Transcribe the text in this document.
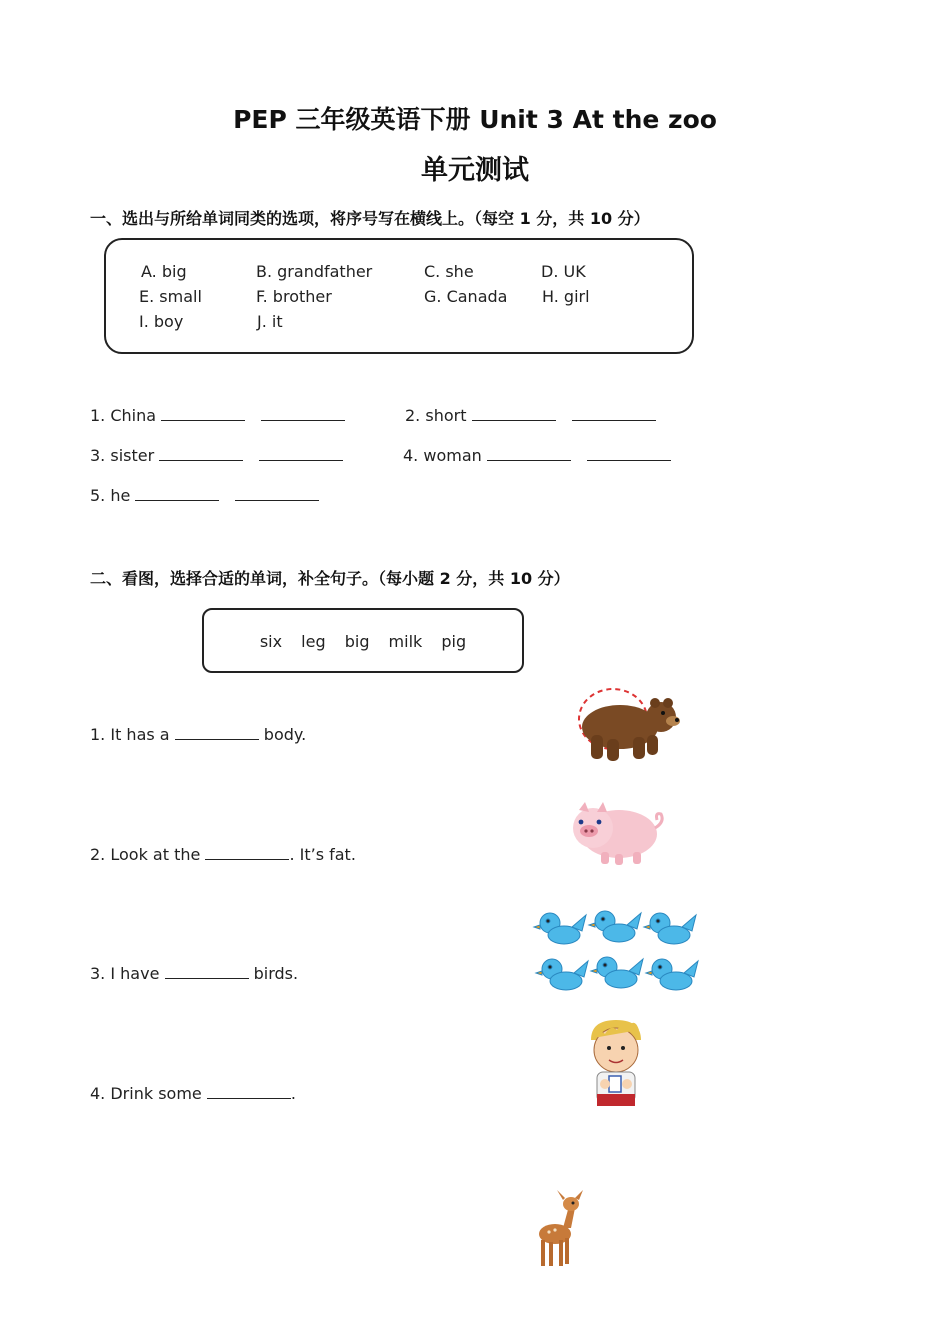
PEP 三年级英语下册 Unit 3 At the zoo
单元测试
一、选出与所给单词同类的选项，将序号写在横线上。（每空 1 分，共 10 分）
A. big	B. grandfather	C. she	D. UK
E. small	F. brother	G. Canada H. girl
I. boy	J. it
1. China	2. short
3. sister	4. woman
5. he
二、看图，选择合适的单词，补全句子。（每小题 2 分，共 10 分）
six leg big milk pig
1. It has a	body.
2. Look at the	. It’s fat.
3. I have	birds.
4. Drink some	.
